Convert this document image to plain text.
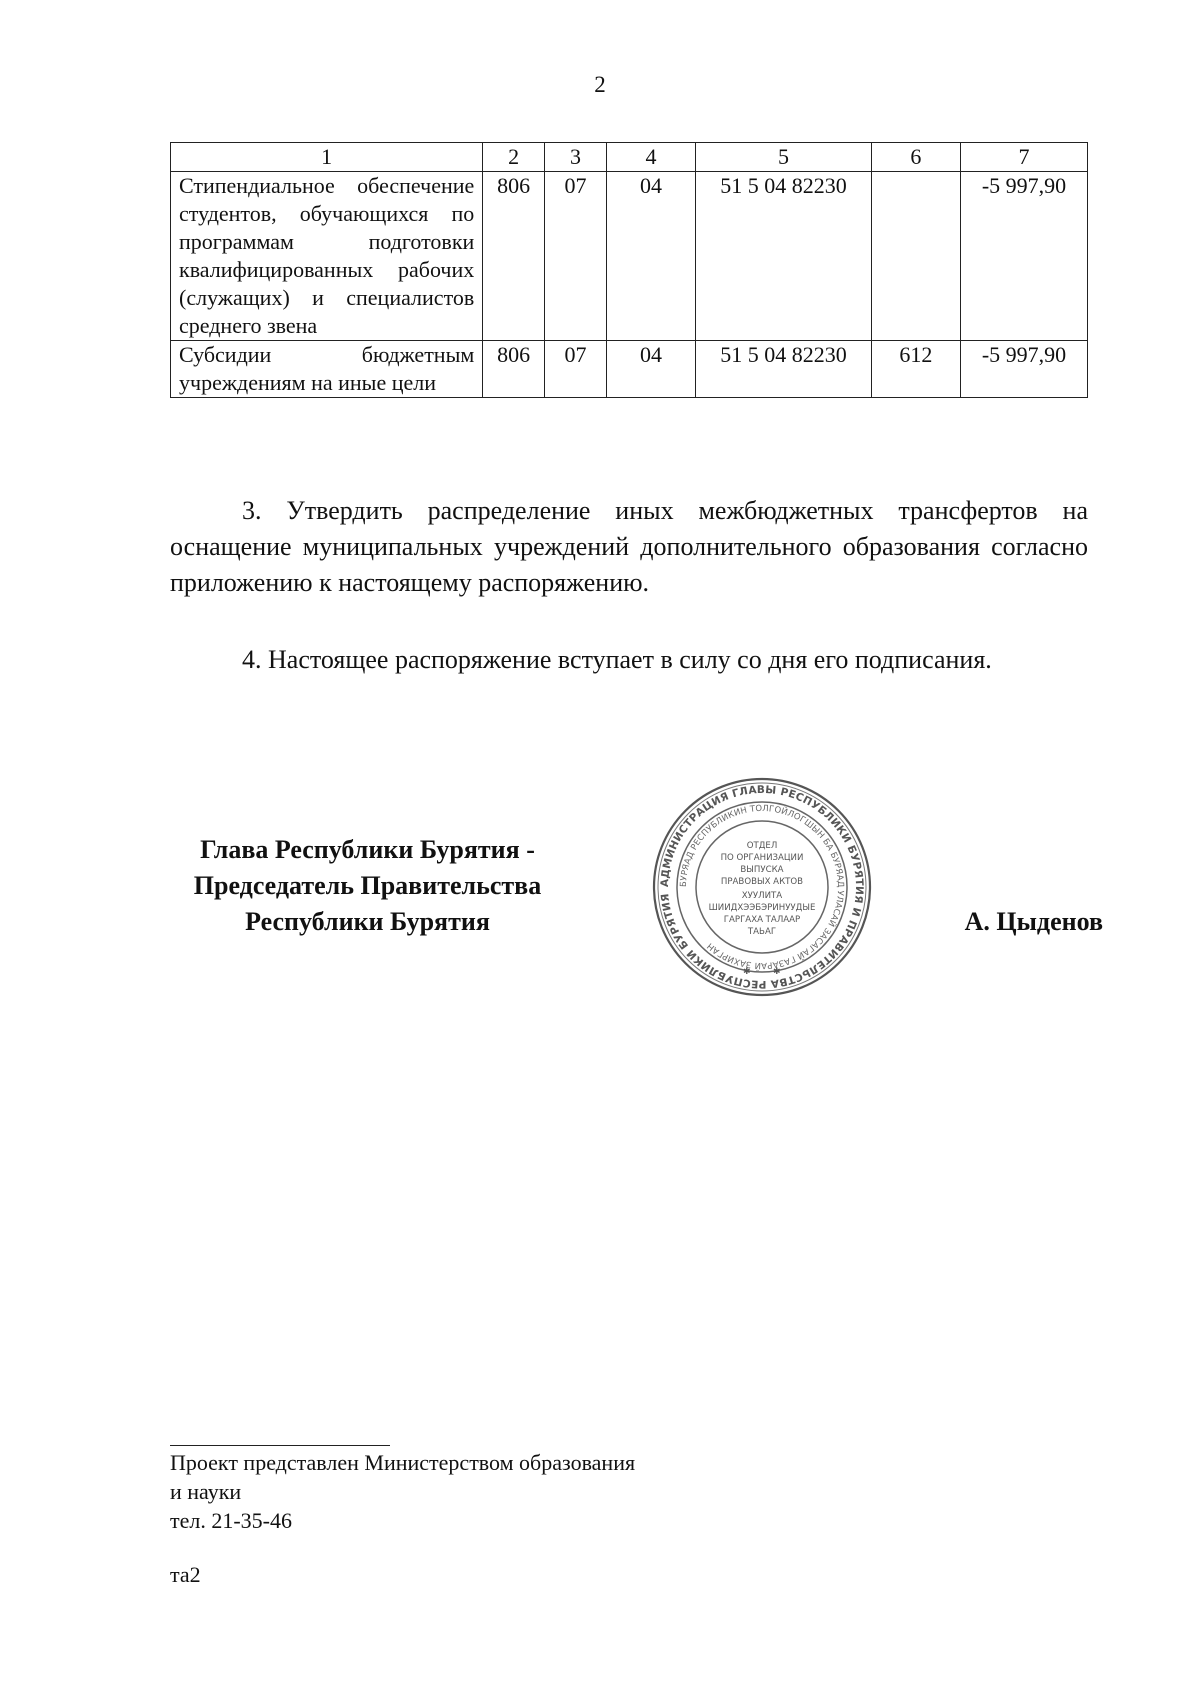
2
1	2	3	4	5	6	7
Стипендиальное обеспечение студентов, обучающихся по программам подготовки квалифицированных рабочих (служащих) и специалистов среднего звена	806	07	04	51 5 04 82230		-5 997,90
Субсидии бюджетным учреждениям на иные цели	806	07	04	51 5 04 82230	612	-5 997,90

3. Утвердить распределение иных межбюджетных трансфертов на оснащение муниципальных учреждений дополнительного образования согласно приложению к настоящему распоряжению.

4. Настоящее распоряжение вступает в силу со дня его подписания.

Глава Республики Бурятия -
Председатель Правительства
Республики Бурятия
АДМИНИСТРАЦИЯ ГЛАВЫ РЕСПУБЛИКИ БУРЯТИЯ И ПРАВИТЕЛЬСТВА РЕСПУБЛИКИ БУРЯТИЯ
БУРЯАД РЕСПУБЛИКИН ТОЛГОЙЛОГШЫН БА БУРЯАД УЛАСАЙ ЗАСАГАЙ ГАЗАРАЙ ЗАХИРГАН
ОТДЕЛ
ПО ОРГАНИЗАЦИИ
ВЫПУСКА
ПРАВОВЫХ АКТОВ
ХУУЛИТА
ШИИДХЭЭБЭРИНУУДЫЕ
ГАРГАХА ТАЛААР
ТАЬАГ
✱ ✱
А. Цыденов
Проект представлен Министерством образования
и науки
тел. 21-35-46
та2
